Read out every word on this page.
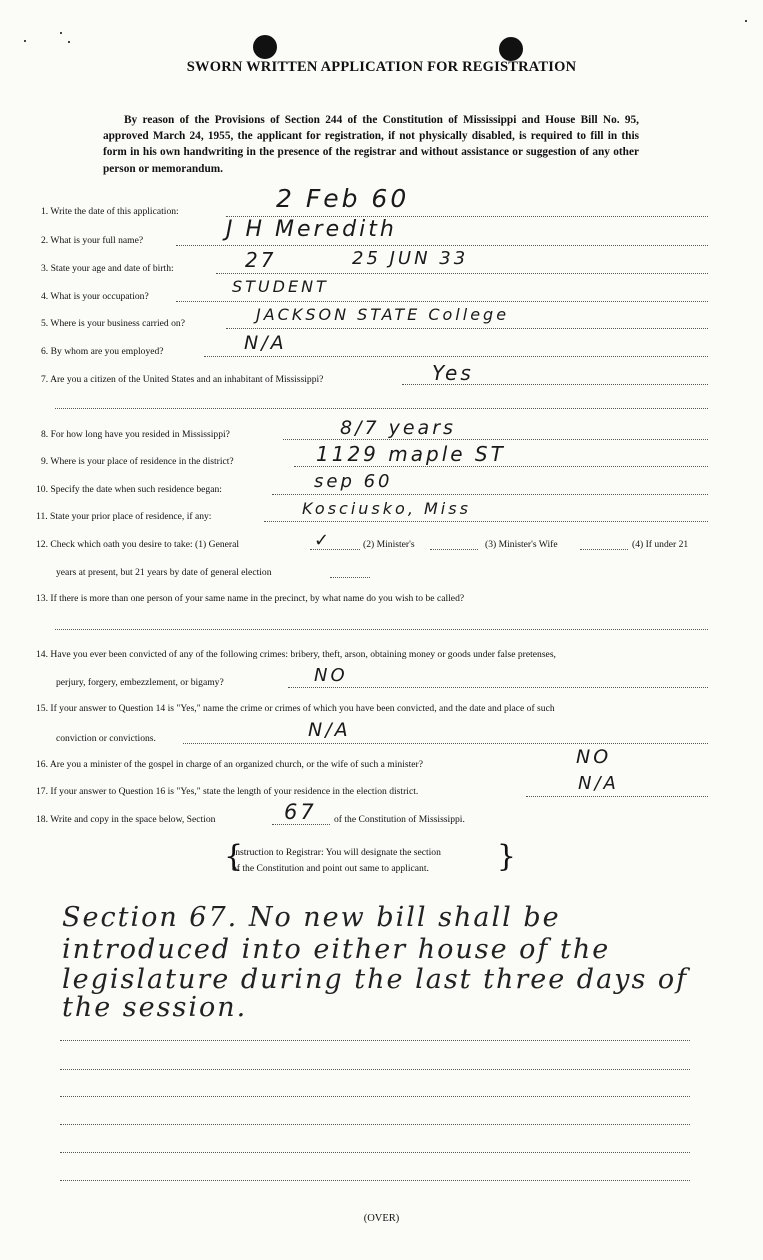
SWORN WRITTEN APPLICATION FOR REGISTRATION
By reason of the Provisions of Section 244 of the Constitution of Mississippi and House Bill No. 95, approved March 24, 1955, the applicant for registration, if not physically disabled, is required to fill in this form in his own handwriting in the presence of the registrar and without assistance or suggestion of any other person or memorandum.
1. Write the date of this application:	2 Feb 60
2. What is your full name?	J H Meredith
3. State your age and date of birth:	27	25 JUN 33
4. What is your occupation?
STUDENT
5. Where is your business carried on?	JACKSON STATE College
6. By whom are you employed?	N/A
7. Are you a citizen of the United States and an inhabitant of Mississippi?	Yes
8. For how long have you resided in Mississippi?	8/7 years
9. Where is your place of residence in the district?	1129 maple ST
10. Specify the date when such residence began:	sep 60
11. State your prior place of residence, if any:	Kosciusko, Miss
12. Check which oath you desire to take: (1) General	✓	(2) Minister's	(3) Minister's Wife	(4) If under 21
years at present, but 21 years by date of general election
13. If there is more than one person of your same name in the precinct, by what name do you wish to be called?
14. Have you ever been convicted of any of the following crimes: bribery, theft, arson, obtaining money or goods under false pretenses,
perjury, forgery, embezzlement, or bigamy?	NO
15. If your answer to Question 14 is "Yes," name the crime or crimes of which you have been convicted, and the date and place of such
conviction or convictions.	N/A
16. Are you a minister of the gospel in charge of an organized church, or the wife of such a minister?	NO
17. If your answer to Question 16 is "Yes," state the length of your residence in the election district.	N/A
18. Write and copy in the space below, Section	67 of the Constitution of Mississippi.
{
Instruction to Registrar: You will designate the section
of the Constitution and point out same to applicant.	}
Section 67. No new bill shall be
introduced into either house of the
legislature during the last three days of
the session.
(OVER)
